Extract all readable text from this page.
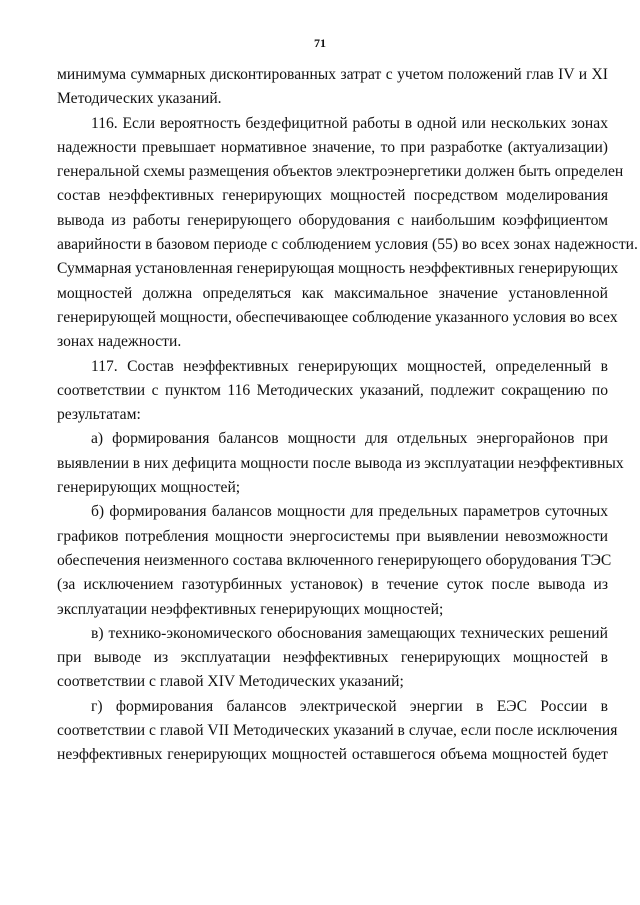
71
минимума суммарных дисконтированных затрат с учетом положений глав IV и XI
Методических указаний.
116. Если вероятность бездефицитной работы в одной или нескольких зонах
надежности превышает нормативное значение, то при разработке (актуализации)
генеральной схемы размещения объектов электроэнергетики должен быть определен
состав неэффективных генерирующих мощностей посредством моделирования
вывода из работы генерирующего оборудования с наибольшим коэффициентом
аварийности в базовом периоде с соблюдением условия (55) во всех зонах надежности.
Суммарная установленная генерирующая мощность неэффективных генерирующих
мощностей должна определяться как максимальное значение установленной
генерирующей мощности, обеспечивающее соблюдение указанного условия во всех
зонах надежности.
117. Состав неэффективных генерирующих мощностей, определенный в
соответствии с пунктом 116 Методических указаний, подлежит сокращению по
результатам:
а) формирования балансов мощности для отдельных энергорайонов при
выявлении в них дефицита мощности после вывода из эксплуатации неэффективных
генерирующих мощностей;
б) формирования балансов мощности для предельных параметров суточных
графиков потребления мощности энергосистемы при выявлении невозможности
обеспечения неизменного состава включенного генерирующего оборудования ТЭС
(за исключением газотурбинных установок) в течение суток после вывода из
эксплуатации неэффективных генерирующих мощностей;
в) технико-экономического обоснования замещающих технических решений
при выводе из эксплуатации неэффективных генерирующих мощностей в
соответствии с главой XIV Методических указаний;
г) формирования балансов электрической энергии в ЕЭС России в
соответствии с главой VII Методических указаний в случае, если после исключения
неэффективных генерирующих мощностей оставшегося объема мощностей будет
